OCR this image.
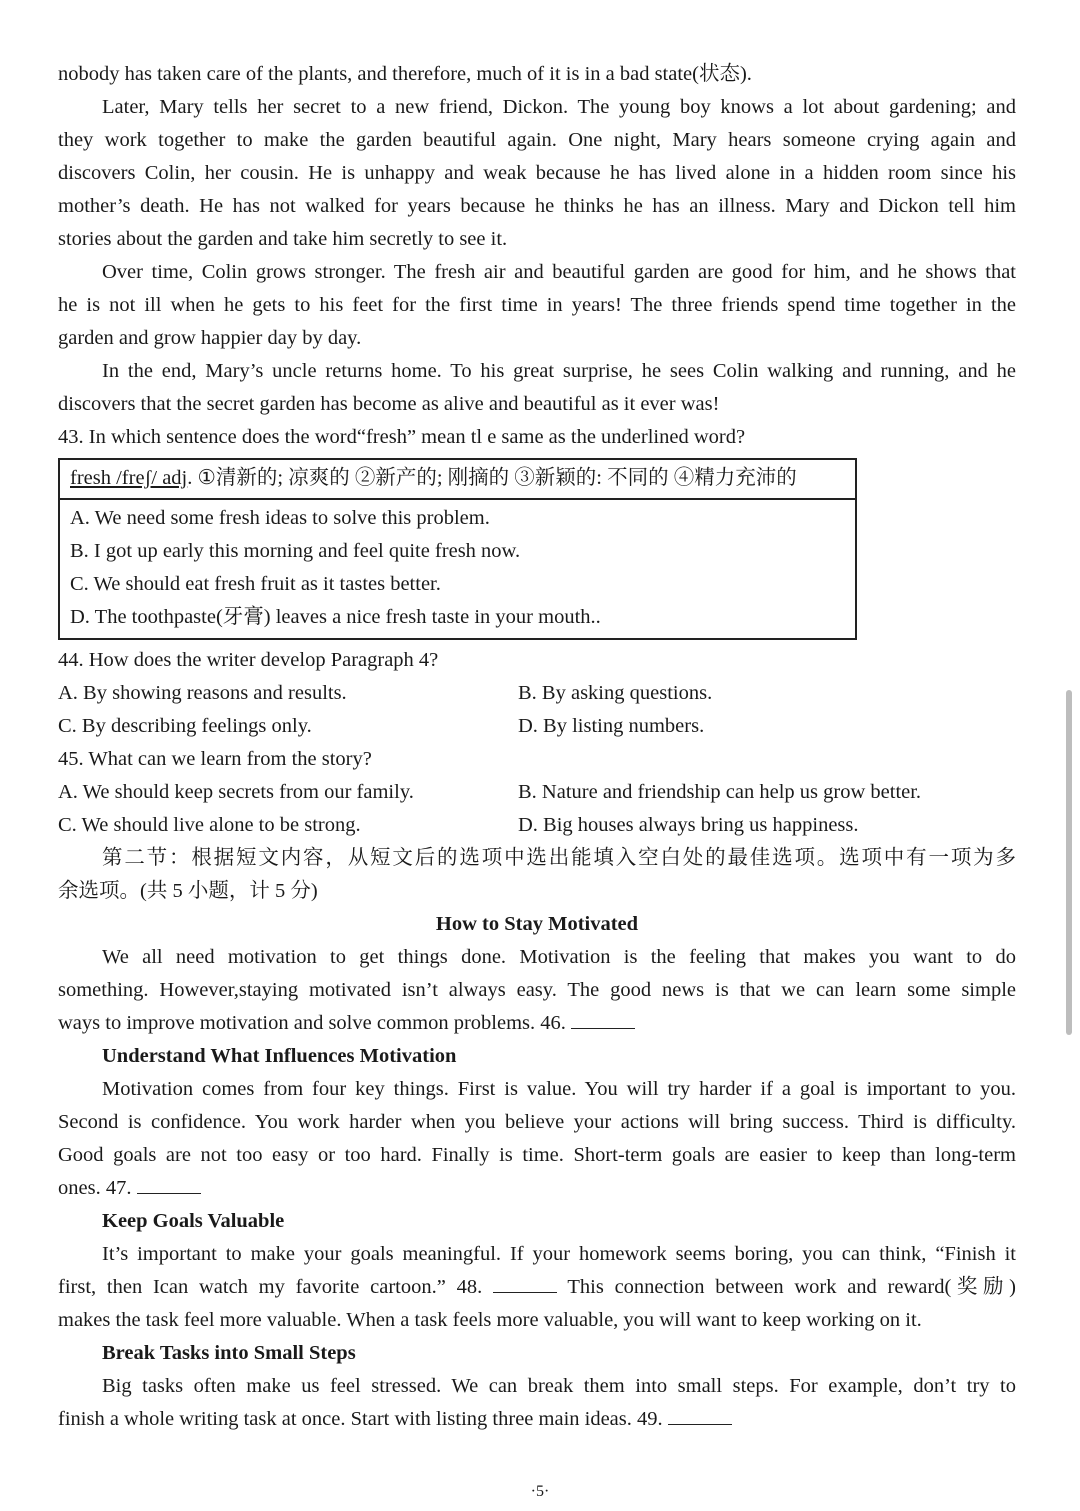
nobody has taken care of the plants, and therefore, much of it is in a bad state(状态).

Later, Mary tells her secret to a new friend, Dickon. The young boy knows a lot about gardening; and

they work together to make the garden beautiful again. One night, Mary hears someone crying again and

discovers Colin, her cousin. He is unhappy and weak because he has lived alone in a hidden room since his

mother’s death. He has not walked for years because he thinks he has an illness. Mary and Dickon tell him

stories about the garden and take him secretly to see it.

Over time, Colin grows stronger. The fresh air and beautiful garden are good for him, and he shows that

he is not ill when he gets to his feet for the first time in years! The three friends spend time together in the

garden and grow happier day by day.

In the end, Mary’s uncle returns home. To his great surprise, he sees Colin walking and running, and he

discovers that the secret garden has become as alive and beautiful as it ever was!

43. In which sentence does the word“fresh” mean tl e same as the underlined word?

fresh /freʃ/ adj. ①清新的; 凉爽的 ②新产的; 刚摘的 ③新颖的: 不同的 ④精力充沛的

A. We need some fresh ideas to solve this problem.

B. I got up early this morning and feel quite fresh now.

C. We should eat fresh fruit as it tastes better.

D. The toothpaste(牙膏) leaves a nice fresh taste in your mouth..

44. How does the writer develop Paragraph 4?

A. By showing reasons and results.	B. By asking questions.
C. By describing feelings only.	D. By listing numbers.

45. What can we learn from the story?

A. We should keep secrets from our family.	B. Nature and friendship can help us grow better.
C. We should live alone to be strong.	D. Big houses always bring us happiness.

第二节：根据短文内容，从短文后的选项中选出能填入空白处的最佳选项。选项中有一项为多

余选项。(共 5 小题，计 5 分)

How to Stay Motivated

We all need motivation to get things done. Motivation is the feeling that makes you want to do

something. However,staying motivated isn’t always easy. The good news is that we can learn some simple

ways to improve motivation and solve common problems. 46.

Understand What Influences Motivation

Motivation comes from four key things. First is value. You will try harder if a goal is important to you.

Second is confidence. You work harder when you believe your actions will bring success. Third is difficulty.

Good goals are not too easy or too hard. Finally is time. Short-term goals are easier to keep than long-term

ones. 47.

Keep Goals Valuable

It’s important to make your goals meaningful. If your homework seems boring, you can think, “Finish it

first, then Ican watch my favorite cartoon.” 48.	This connection between work and reward(奖励)

makes the task feel more valuable. When a task feels more valuable, you will want to keep working on it.

Break Tasks into Small Steps

Big tasks often make us feel stressed. We can break them into small steps. For example, don’t try to

finish a whole writing task at once. Start with listing three main ideas. 49.

·5·
